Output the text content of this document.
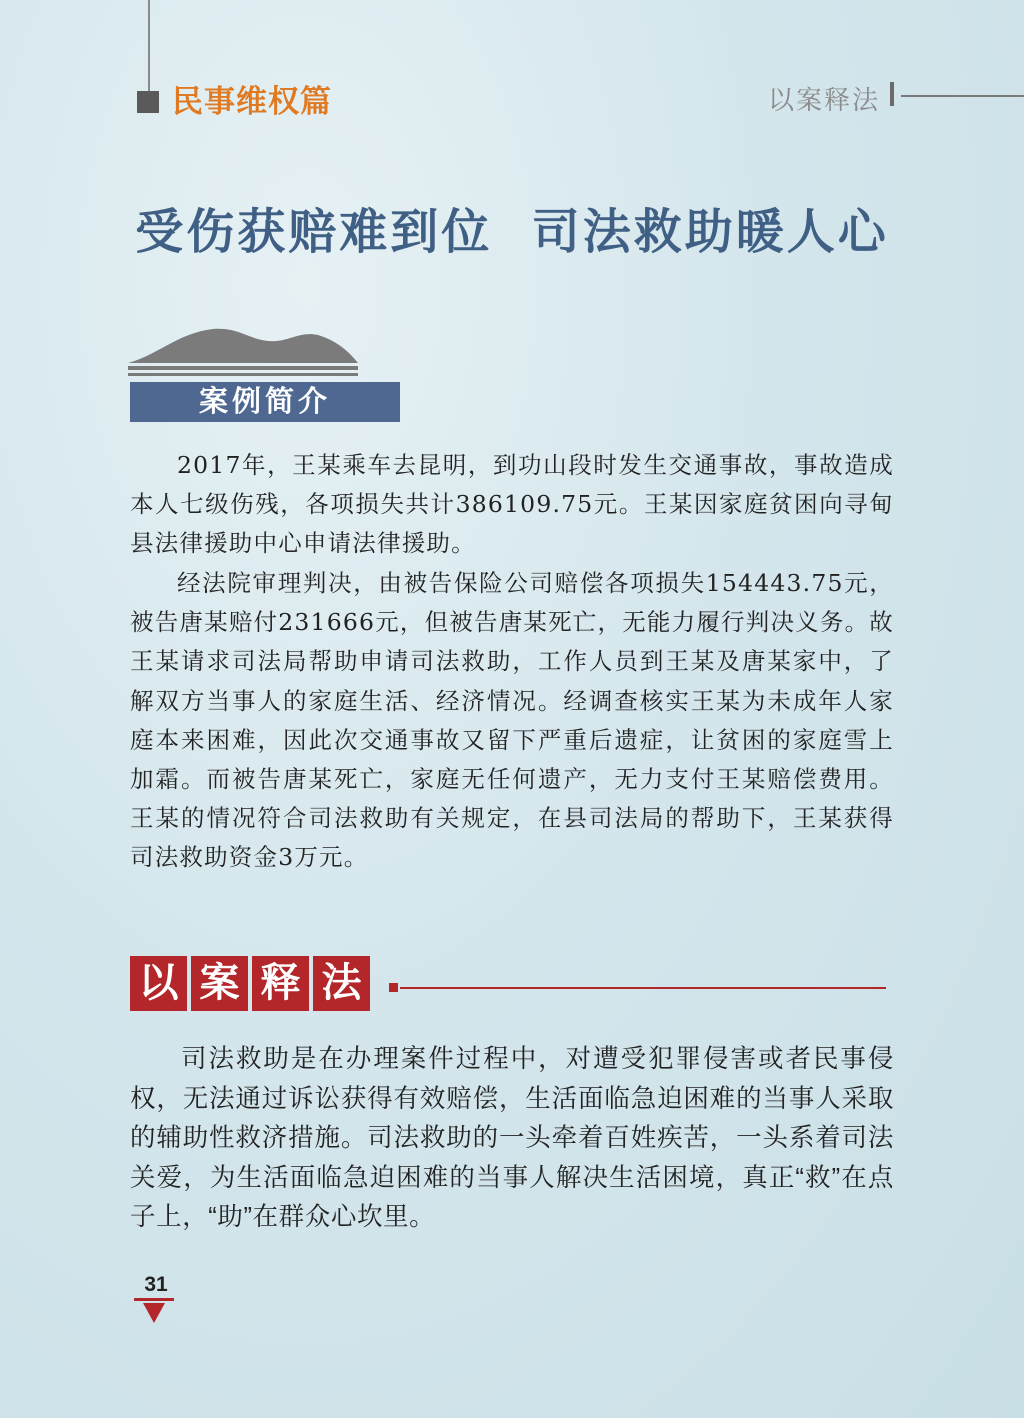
民事维权篇	以案释法
受伤获赔难到位  司法救助暖人心
案例简介

2017年，王某乘车去昆明，到功山段时发生交通事故，事故造成本人七级伤残，各项损失共计386109.75元。王某因家庭贫困向寻甸县法律援助中心申请法律援助。

经法院审理判决，由被告保险公司赔偿各项损失154443.75元，被告唐某赔付231666元，但被告唐某死亡，无能力履行判决义务。故王某请求司法局帮助申请司法救助，工作人员到王某及唐某家中，了解双方当事人的家庭生活、经济情况。经调查核实王某为未成年人家庭本来困难，因此次交通事故又留下严重后遗症，让贫困的家庭雪上加霜。而被告唐某死亡，家庭无任何遗产，无力支付王某赔偿费用。王某的情况符合司法救助有关规定，在县司法局的帮助下，王某获得司法救助资金3万元。

以 案 释 法

司法救助是在办理案件过程中，对遭受犯罪侵害或者民事侵权，无法通过诉讼获得有效赔偿，生活面临急迫困难的当事人采取的辅助性救济措施。司法救助的一头牵着百姓疾苦，一头系着司法关爱，为生活面临急迫困难的当事人解决生活困境，真正“救”在点子上，“助”在群众心坎里。

31
